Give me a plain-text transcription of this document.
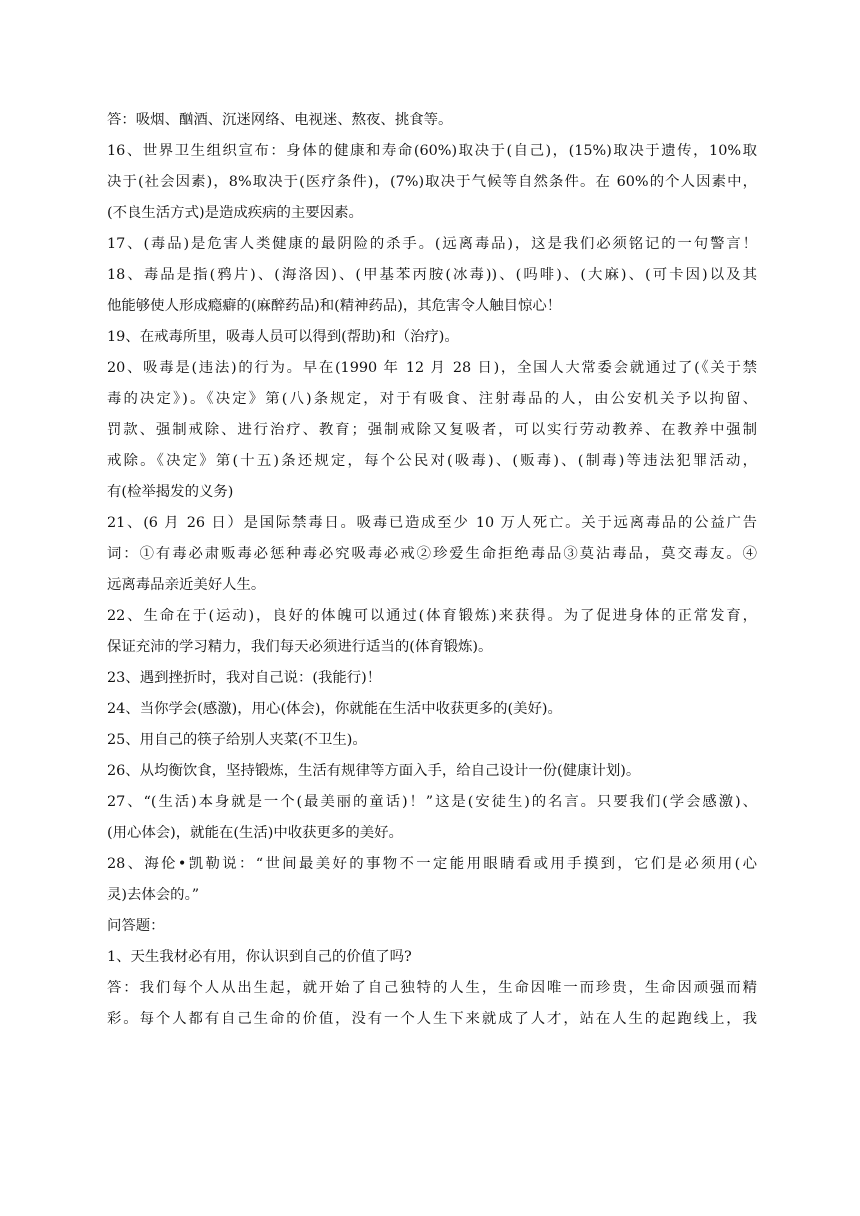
答：吸烟、酗酒、沉迷网络、电视迷、熬夜、挑食等。
16、世界卫生组织宣布：身体的健康和寿命(60%)取决于(自己)，(15%)取决于遗传，10%取
决于(社会因素)，8%取决于(医疗条件)，(7%)取决于气候等自然条件。在 60%的个人因素中，
(不良生活方式)是造成疾病的主要因素。
17、(毒品)是危害人类健康的最阴险的杀手。(远离毒品)，这是我们必须铭记的一句警言！
18、毒品是指(鸦片)、(海洛因)、(甲基苯丙胺(冰毒))、(吗啡)、(大麻)、(可卡因)以及其
他能够使人形成瘾癖的(麻醉药品)和(精神药品)，其危害令人触目惊心！
19、在戒毒所里，吸毒人员可以得到(帮助)和（治疗)。
20、吸毒是(违法)的行为。早在(1990 年 12 月 28 日)，全国人大常委会就通过了(《关于禁
毒的决定》)。《决定》第(八)条规定，对于有吸食、注射毒品的人，由公安机关予以拘留、
罚款、强制戒除、进行治疗、教育；强制戒除又复吸者，可以实行劳动教养、在教养中强制
戒除。《决定》第(十五)条还规定，每个公民对(吸毒)、(贩毒)、(制毒)等违法犯罪活动，
有(检举揭发的义务)
21、(6 月 26 日）是国际禁毒日。吸毒已造成至少 10 万人死亡。关于远离毒品的公益广告
词：①有毒必肃贩毒必惩种毒必究吸毒必戒②珍爱生命拒绝毒品③莫沾毒品，莫交毒友。④
远离毒品亲近美好人生。
22、生命在于(运动)，良好的体魄可以通过(体育锻炼)来获得。为了促进身体的正常发育，
保证充沛的学习精力，我们每天必须进行适当的(体育锻炼)。
23、遇到挫折时，我对自己说：(我能行)！
24、当你学会(感激)，用心(体会)，你就能在生活中收获更多的(美好)。
25、用自己的筷子给别人夹菜(不卫生)。
26、从均衡饮食，坚持锻炼，生活有规律等方面入手，给自己设计一份(健康计划)。
27、“(生活)本身就是一个(最美丽的童话)！”这是(安徒生)的名言。只要我们(学会感激)、
(用心体会)，就能在(生活)中收获更多的美好。
28、海伦•凯勒说：“世间最美好的事物不一定能用眼睛看或用手摸到，它们是必须用(心
灵)去体会的。”
问答题：
1、天生我材必有用，你认识到自己的价值了吗?
答：我们每个人从出生起，就开始了自己独特的人生，生命因唯一而珍贵，生命因顽强而精
彩。每个人都有自己生命的价值，没有一个人生下来就成了人才，站在人生的起跑线上，我
